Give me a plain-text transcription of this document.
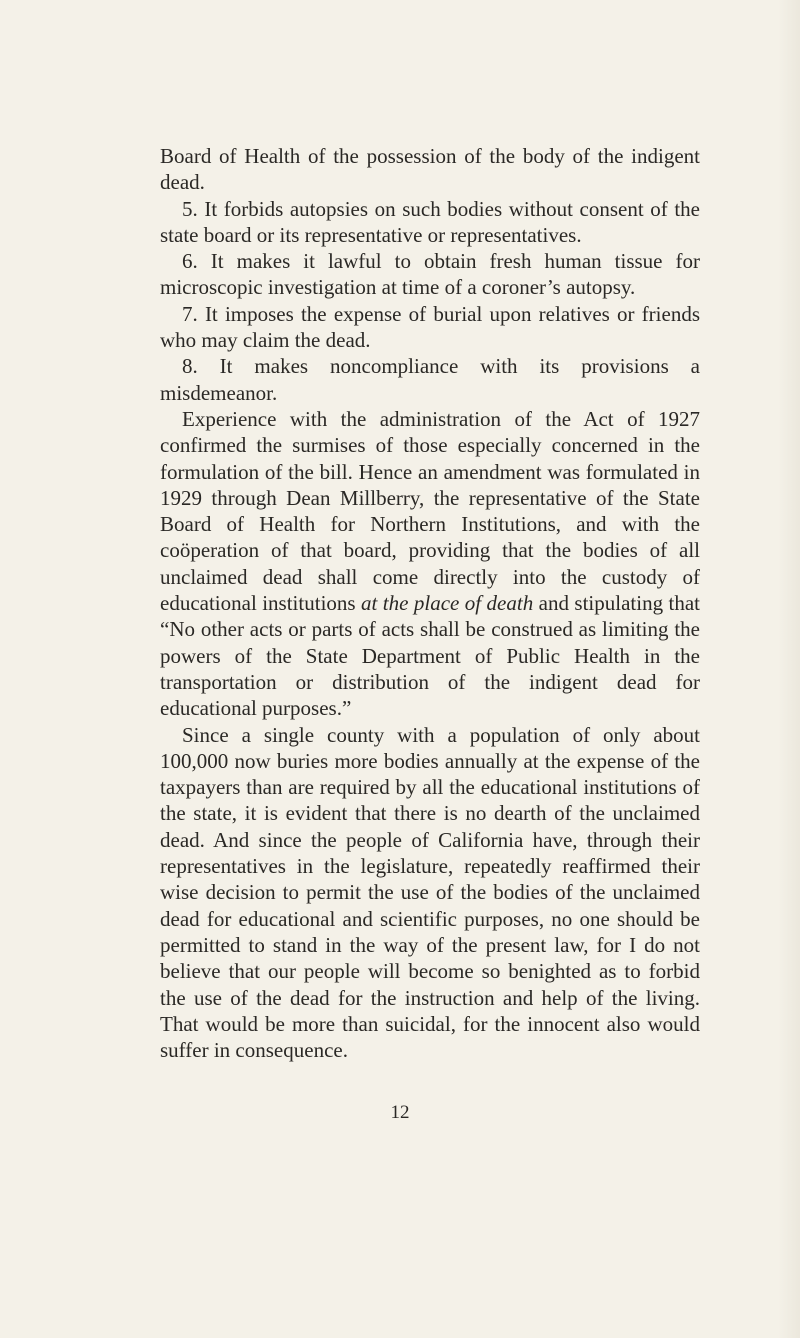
Board of Health of the possession of the body of the indigent dead.

5. It forbids autopsies on such bodies without consent of the state board or its representative or representatives.

6. It makes it lawful to obtain fresh human tissue for microscopic investigation at time of a coroner’s autopsy.

7. It imposes the expense of burial upon relatives or friends who may claim the dead.

8. It makes noncompliance with its provisions a misdemeanor.

Experience with the administration of the Act of 1927 confirmed the surmises of those especially concerned in the formulation of the bill. Hence an amendment was formulated in 1929 through Dean Millberry, the representative of the State Board of Health for Northern Institutions, and with the coöperation of that board, providing that the bodies of all unclaimed dead shall come directly into the custody of educational institutions at the place of death and stipulating that “No other acts or parts of acts shall be construed as limiting the powers of the State Department of Public Health in the transportation or distribution of the indigent dead for educational purposes.”

Since a single county with a population of only about 100,000 now buries more bodies annually at the expense of the taxpayers than are required by all the educational institutions of the state, it is evident that there is no dearth of the unclaimed dead. And since the people of California have, through their representatives in the legislature, repeatedly reaffirmed their wise decision to permit the use of the bodies of the unclaimed dead for educational and scientific purposes, no one should be permitted to stand in the way of the present law, for I do not believe that our people will become so benighted as to forbid the use of the dead for the instruction and help of the living. That would be more than suicidal, for the innocent also would suffer in consequence.

12
